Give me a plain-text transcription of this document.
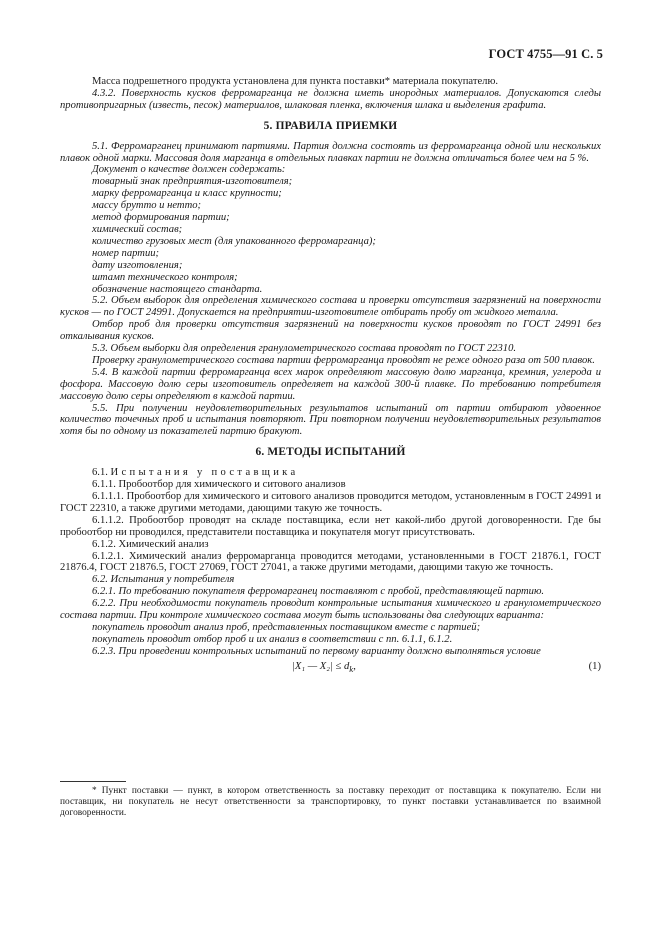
ГОСТ 4755—91 С. 5

Масса подрешетного продукта установлена для пункта поставки* материала покупателю.

4.3.2. Поверхность кусков ферромарганца не должна иметь инородных материалов. Допускаются следы противопригарных (известь, песок) материалов, шлаковая пленка, включения шлака и выделения графита.

5. ПРАВИЛА ПРИЕМКИ

5.1. Ферромарганец принимают партиями. Партия должна состоять из ферромарганца одной или нескольких плавок одной марки. Массовая доля марганца в отдельных плавках партии не должна отличаться более чем на 5 %.

Документ о качестве должен содержать:

товарный знак предприятия-изготовителя;

марку ферромарганца и класс крупности;

массу брутто и нетто;

метод формирования партии;

химический состав;

количество грузовых мест (для упакованного ферромарганца);

номер партии;

дату изготовления;

штамп технического контроля;

обозначение настоящего стандарта.

5.2. Объем выборок для определения химического состава и проверки отсутствия загрязнений на поверхности кусков — по ГОСТ 24991. Допускается на предприятии-изготовителе отбирать пробу от жидкого металла.

Отбор проб для проверки отсутствия загрязнений на поверхности кусков проводят по ГОСТ 24991 без откалывания кусков.

5.3. Объем выборки для определения гранулометрического состава проводят по ГОСТ 22310.

Проверку гранулометрического состава партии ферромарганца проводят не реже одного раза от 500 плавок.

5.4. В каждой партии ферромарганца всех марок определяют массовую долю марганца, кремния, углерода и фосфора. Массовую долю серы изготовитель определяет на каждой 300-й плавке. По требованию потребителя массовую долю серы определяют в каждой партии.

5.5. При получении неудовлетворительных результатов испытаний от партии отбирают удвоенное количество точечных проб и испытания повторяют. При повторном получении неудовлетворительных результатов хотя бы по одному из показателей партию бракуют.

6. МЕТОДЫ ИСПЫТАНИЙ

6.1. Испытания у поставщика

6.1.1. Пробоотбор для химического и ситового анализов

6.1.1.1. Пробоотбор для химического и ситового анализов проводится методом, установленным в ГОСТ 24991 и ГОСТ 22310, а также другими методами, дающими такую же точность.

6.1.1.2. Пробоотбор проводят на складе поставщика, если нет какой-либо другой договоренности. Где бы пробоотбор ни проводился, представители поставщика и покупателя могут присутствовать.

6.1.2. Химический анализ

6.1.2.1. Химический анализ ферромарганца проводится методами, установленными в ГОСТ 21876.1, ГОСТ 21876.4, ГОСТ 21876.5, ГОСТ 27069, ГОСТ 27041, а также другими методами, дающими такую же точность.

6.2. Испытания у потребителя

6.2.1. По требованию покупателя ферромарганец поставляют с пробой, представляющей партию.

6.2.2. При необходимости покупатель проводит контрольные испытания химического и гранулометрического состава партии. При контроле химического состава могут быть использованы два следующих варианта:

покупатель проводит анализ проб, представленных поставщиком вместе с партией;

покупатель проводит отбор проб и их анализ в соответствии с пп. 6.1.1, 6.1.2.

6.2.3. При проведении контрольных испытаний по первому варианту должно выполняться условие

|X₁ — $X_2| \le d_k$,	(1)

* Пункт поставки — пункт, в котором ответственность за поставку переходит от поставщика к покупателю. Если ни поставщик, ни покупатель не несут ответственности за транспортировку, то пункт поставки устанавливается по взаимной договоренности.
